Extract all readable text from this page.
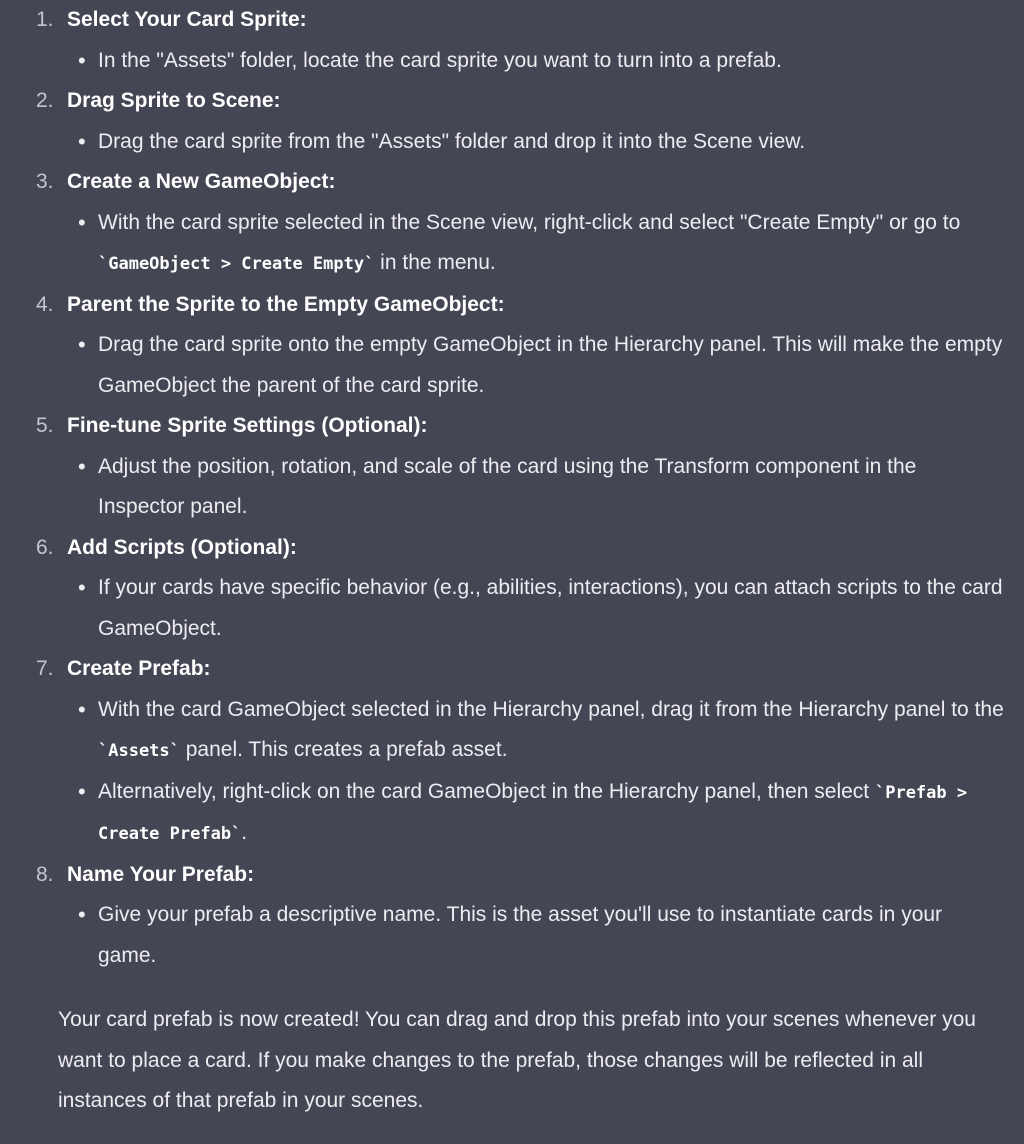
1. Select Your Card Sprite:
• In the "Assets" folder, locate the card sprite you want to turn into a prefab.
2. Drag Sprite to Scene:
• Drag the card sprite from the "Assets" folder and drop it into the Scene view.
3. Create a New GameObject:
• With the card sprite selected in the Scene view, right-click and select "Create Empty" or go to `GameObject > Create Empty` in the menu.
4. Parent the Sprite to the Empty GameObject:
• Drag the card sprite onto the empty GameObject in the Hierarchy panel. This will make the empty GameObject the parent of the card sprite.
5. Fine-tune Sprite Settings (Optional):
• Adjust the position, rotation, and scale of the card using the Transform component in the Inspector panel.
6. Add Scripts (Optional):
• If your cards have specific behavior (e.g., abilities, interactions), you can attach scripts to the card GameObject.
7. Create Prefab:
• With the card GameObject selected in the Hierarchy panel, drag it from the Hierarchy panel to the `Assets` panel. This creates a prefab asset.
• Alternatively, right-click on the card GameObject in the Hierarchy panel, then select `Prefab > Create Prefab`.
8. Name Your Prefab:
• Give your prefab a descriptive name. This is the asset you'll use to instantiate cards in your game.

Your card prefab is now created! You can drag and drop this prefab into your scenes whenever you want to place a card. If you make changes to the prefab, those changes will be reflected in all instances of that prefab in your scenes.
